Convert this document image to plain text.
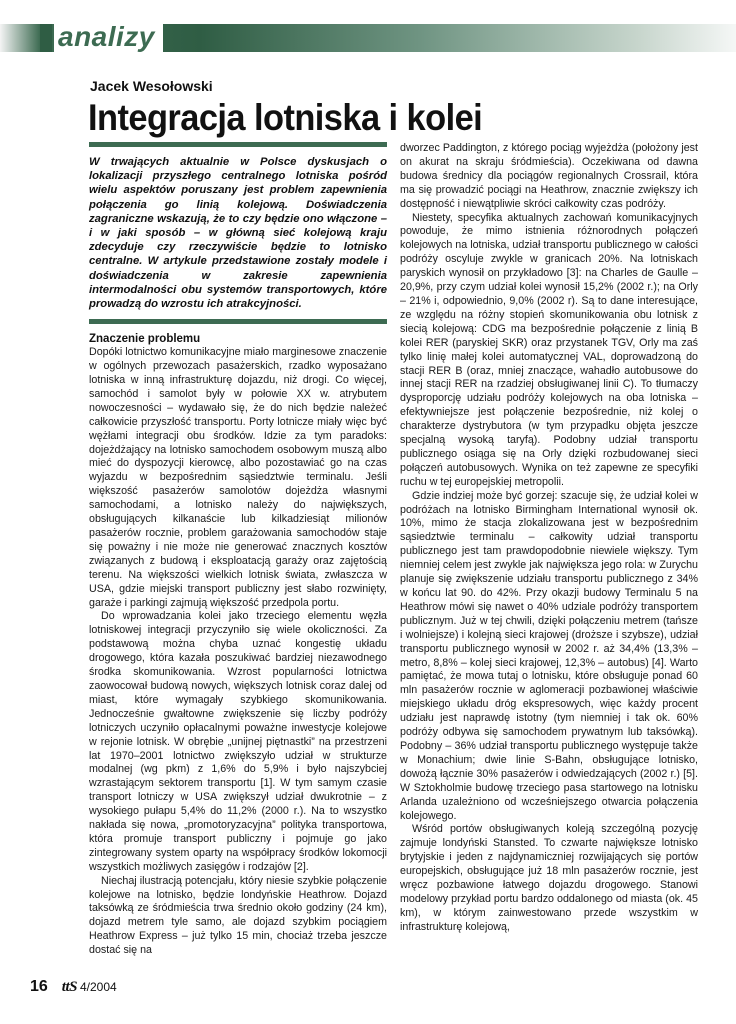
analizy
Jacek Wesołowski
Integracja lotniska i kolei

W trwających aktualnie w Polsce dyskusjach o lokalizacji przyszłego centralnego lotniska pośród wielu aspektów poruszany jest problem zapewnienia połączenia go linią kolejową. Doświadczenia zagraniczne wskazują, że to czy będzie ono włączone – i w jaki sposób – w główną sieć kolejową kraju zdecyduje czy rzeczywiście będzie to lotnisko centralne. W artykule przedstawione zostały modele i doświadczenia w zakresie zapewnienia intermodalności obu systemów transportowych, które prowadzą do wzrostu ich atrakcyjności.

Znaczenie problemu

Dopóki lotnictwo komunikacyjne miało marginesowe znaczenie w ogólnych przewozach pasażerskich, rzadko wyposażano lotniska w inną infrastrukturę dojazdu, niż drogi. Co więcej, samochód i samolot były w połowie XX w. atrybutem nowoczesności – wydawało się, że do nich będzie należeć całkowicie przyszłość transportu. Porty lotnicze miały więc być wężłami integracji obu środków. Idzie za tym paradoks: dojeżdżający na lotnisko samochodem osobowym muszą albo mieć do dyspozycji kierowcę, albo pozostawiać go na czas wyjazdu w bezpośrednim sąsiedztwie terminalu. Jeśli większość pasażerów samolotów dojeżdża własnymi samochodami, a lotnisko należy do największych, obsługujących kilkanaście lub kilkadziesiąt milionów pasażerów rocznie, problem garażowania samochodów staje się poważny i nie może nie generować znacznych kosztów związanych z budową i eksploatacją garaży oraz zajętością terenu. Na większości wielkich lotnisk świata, zwłaszcza w USA, gdzie miejski transport publiczny jest słabo rozwinięty, garaże i parkingi zajmują większość przedpola portu.

Do wprowadzania kolei jako trzeciego elementu węzła lotniskowej integracji przyczyniło się wiele okoliczności. Za podstawową można chyba uznać kongestię układu drogowego, która kazała poszukiwać bardziej niezawodnego środka skomunikowania. Wzrost popularności lotnictwa zaowocował budową nowych, większych lotnisk coraz dalej od miast, które wymagały szybkiego skomunikowania. Jednocześnie gwałtowne zwiększenie się liczby podróży lotniczych uczyniło opłacalnymi poważne inwestycje kolejowe w rejonie lotnisk. W obrębie „unijnej piętnastki” na przestrzeni lat 1970–2001 lotnictwo zwiększyło udział w strukturze modalnej (wg pkm) z 1,6% do 5,9% i było najszybciej wzrastającym sektorem transportu [1]. W tym samym czasie transport lotniczy w USA zwiększył udział dwukrotnie – z wysokiego pułapu 5,4% do 11,2% (2000 r.). Na to wszystko nakłada się nowa, „promotoryzacyjna” polityka transportowa, która promuje transport publiczny i pojmuje go jako zintegrowany system oparty na współpracy środków lokomocji wszystkich możliwych zasięgów i rodzajów [2].

Niechaj ilustracją potencjału, który niesie szybkie połączenie kolejowe na lotnisko, będzie londyńskie Heathrow. Dojazd taksówką ze śródmieścia trwa średnio około godziny (24 km), dojazd metrem tyle samo, ale dojazd szybkim pociągiem Heathrow Express – już tylko 15 min, chociaż trzeba jeszcze dostać się na

dworzec Paddington, z którego pociąg wyjeżdża (położony jest on akurat na skraju śródmieścia). Oczekiwana od dawna budowa średnicy dla pociągów regionalnych Crossrail, która ma się prowadzić pociągi na Heathrow, znacznie zwiększy ich dostępność i niewątpliwie skróci całkowity czas podróży.

Niestety, specyfika aktualnych zachowań komunikacyjnych powoduje, że mimo istnienia różnorodnych połączeń kolejowych na lotniska, udział transportu publicznego w całości podróży oscyluje zwykle w granicach 20%. Na lotniskach paryskich wynosił on przykładowo [3]: na Charles de Gaulle – 20,9%, przy czym udział kolei wynosił 15,2% (2002 r.); na Orly – 21% i, odpowiednio, 9,0% (2002 r). Są to dane interesujące, ze względu na różny stopień skomunikowania obu lotnisk z siecią kolejową: CDG ma bezpośrednie połączenie z linią B kolei RER (paryskiej SKR) oraz przystanek TGV, Orly ma zaś tylko linię małej kolei automatycznej VAL, doprowadzoną do stacji RER B (oraz, mniej znaczące, wahadło autobusowe do innej stacji RER na rzadziej obsługiwanej linii C). To tłumaczy dysproporcję udziału podróży kolejowych na oba lotniska – efektywniejsze jest połączenie bezpośrednie, niż kolej o charakterze dystrybutora (w tym przypadku objęta jeszcze specjalną wysoką taryfą). Podobny udział transportu publicznego osiąga się na Orly dzięki rozbudowanej sieci połączeń autobusowych. Wynika on też zapewne ze specyfiki ruchu w tej europejskiej metropolii.

Gdzie indziej może być gorzej: szacuje się, że udział kolei w podróżach na lotnisko Birmingham International wynosił ok. 10%, mimo że stacja zlokalizowana jest w bezpośrednim sąsiedztwie terminalu – całkowity udział transportu publicznego jest tam prawdopodobnie niewiele większy. Tym niemniej celem jest zwykle jak największa jego rola: w Zurychu planuje się zwiększenie udziału transportu publicznego z 34% w końcu lat 90. do 42%. Przy okazji budowy Terminalu 5 na Heathrow mówi się nawet o 40% udziale podróży transportem publicznym. Już w tej chwili, dzięki połączeniu metrem (tańsze i wolniejsze) i kolejną sieci krajowej (droższe i szybsze), udział transportu publicznego wynosił w 2002 r. aż 34,4% (13,3% – metro, 8,8% – kolej sieci krajowej, 12,3% – autobus) [4]. Warto pamiętać, że mowa tutaj o lotnisku, które obsługuje ponad 60 mln pasażerów rocznie w aglomeracji pozbawionej właściwie miejskiego układu dróg ekspresowych, więc każdy procent udziału jest naprawdę istotny (tym niemniej i tak ok. 60% podróży odbywa się samochodem prywatnym lub taksówką). Podobny – 36% udział transportu publicznego występuje także w Monachium; dwie linie S-Bahn, obsługujące lotnisko, dowożą łącznie 30% pasażerów i odwiedzających (2002 r.) [5]. W Sztokholmie budowę trzeciego pasa startowego na lotnisku Arlanda uzależniono od wcześniejszego otwarcia połączenia kolejowego.

Wśród portów obsługiwanych koleją szczególną pozycję zajmuje londyński Stansted. To czwarte największe lotnisko brytyjskie i jeden z najdynamiczniej rozwijających się portów europejskich, obsługujące już 18 mln pasażerów rocznie, jest wręcz pozbawione łatwego dojazdu drogowego. Stanowi modelowy przykład portu bardzo oddalonego od miasta (ok. 45 km), w którym zainwestowano przede wszystkim w infrastrukturę kolejową,

16 ttS 4/2004
